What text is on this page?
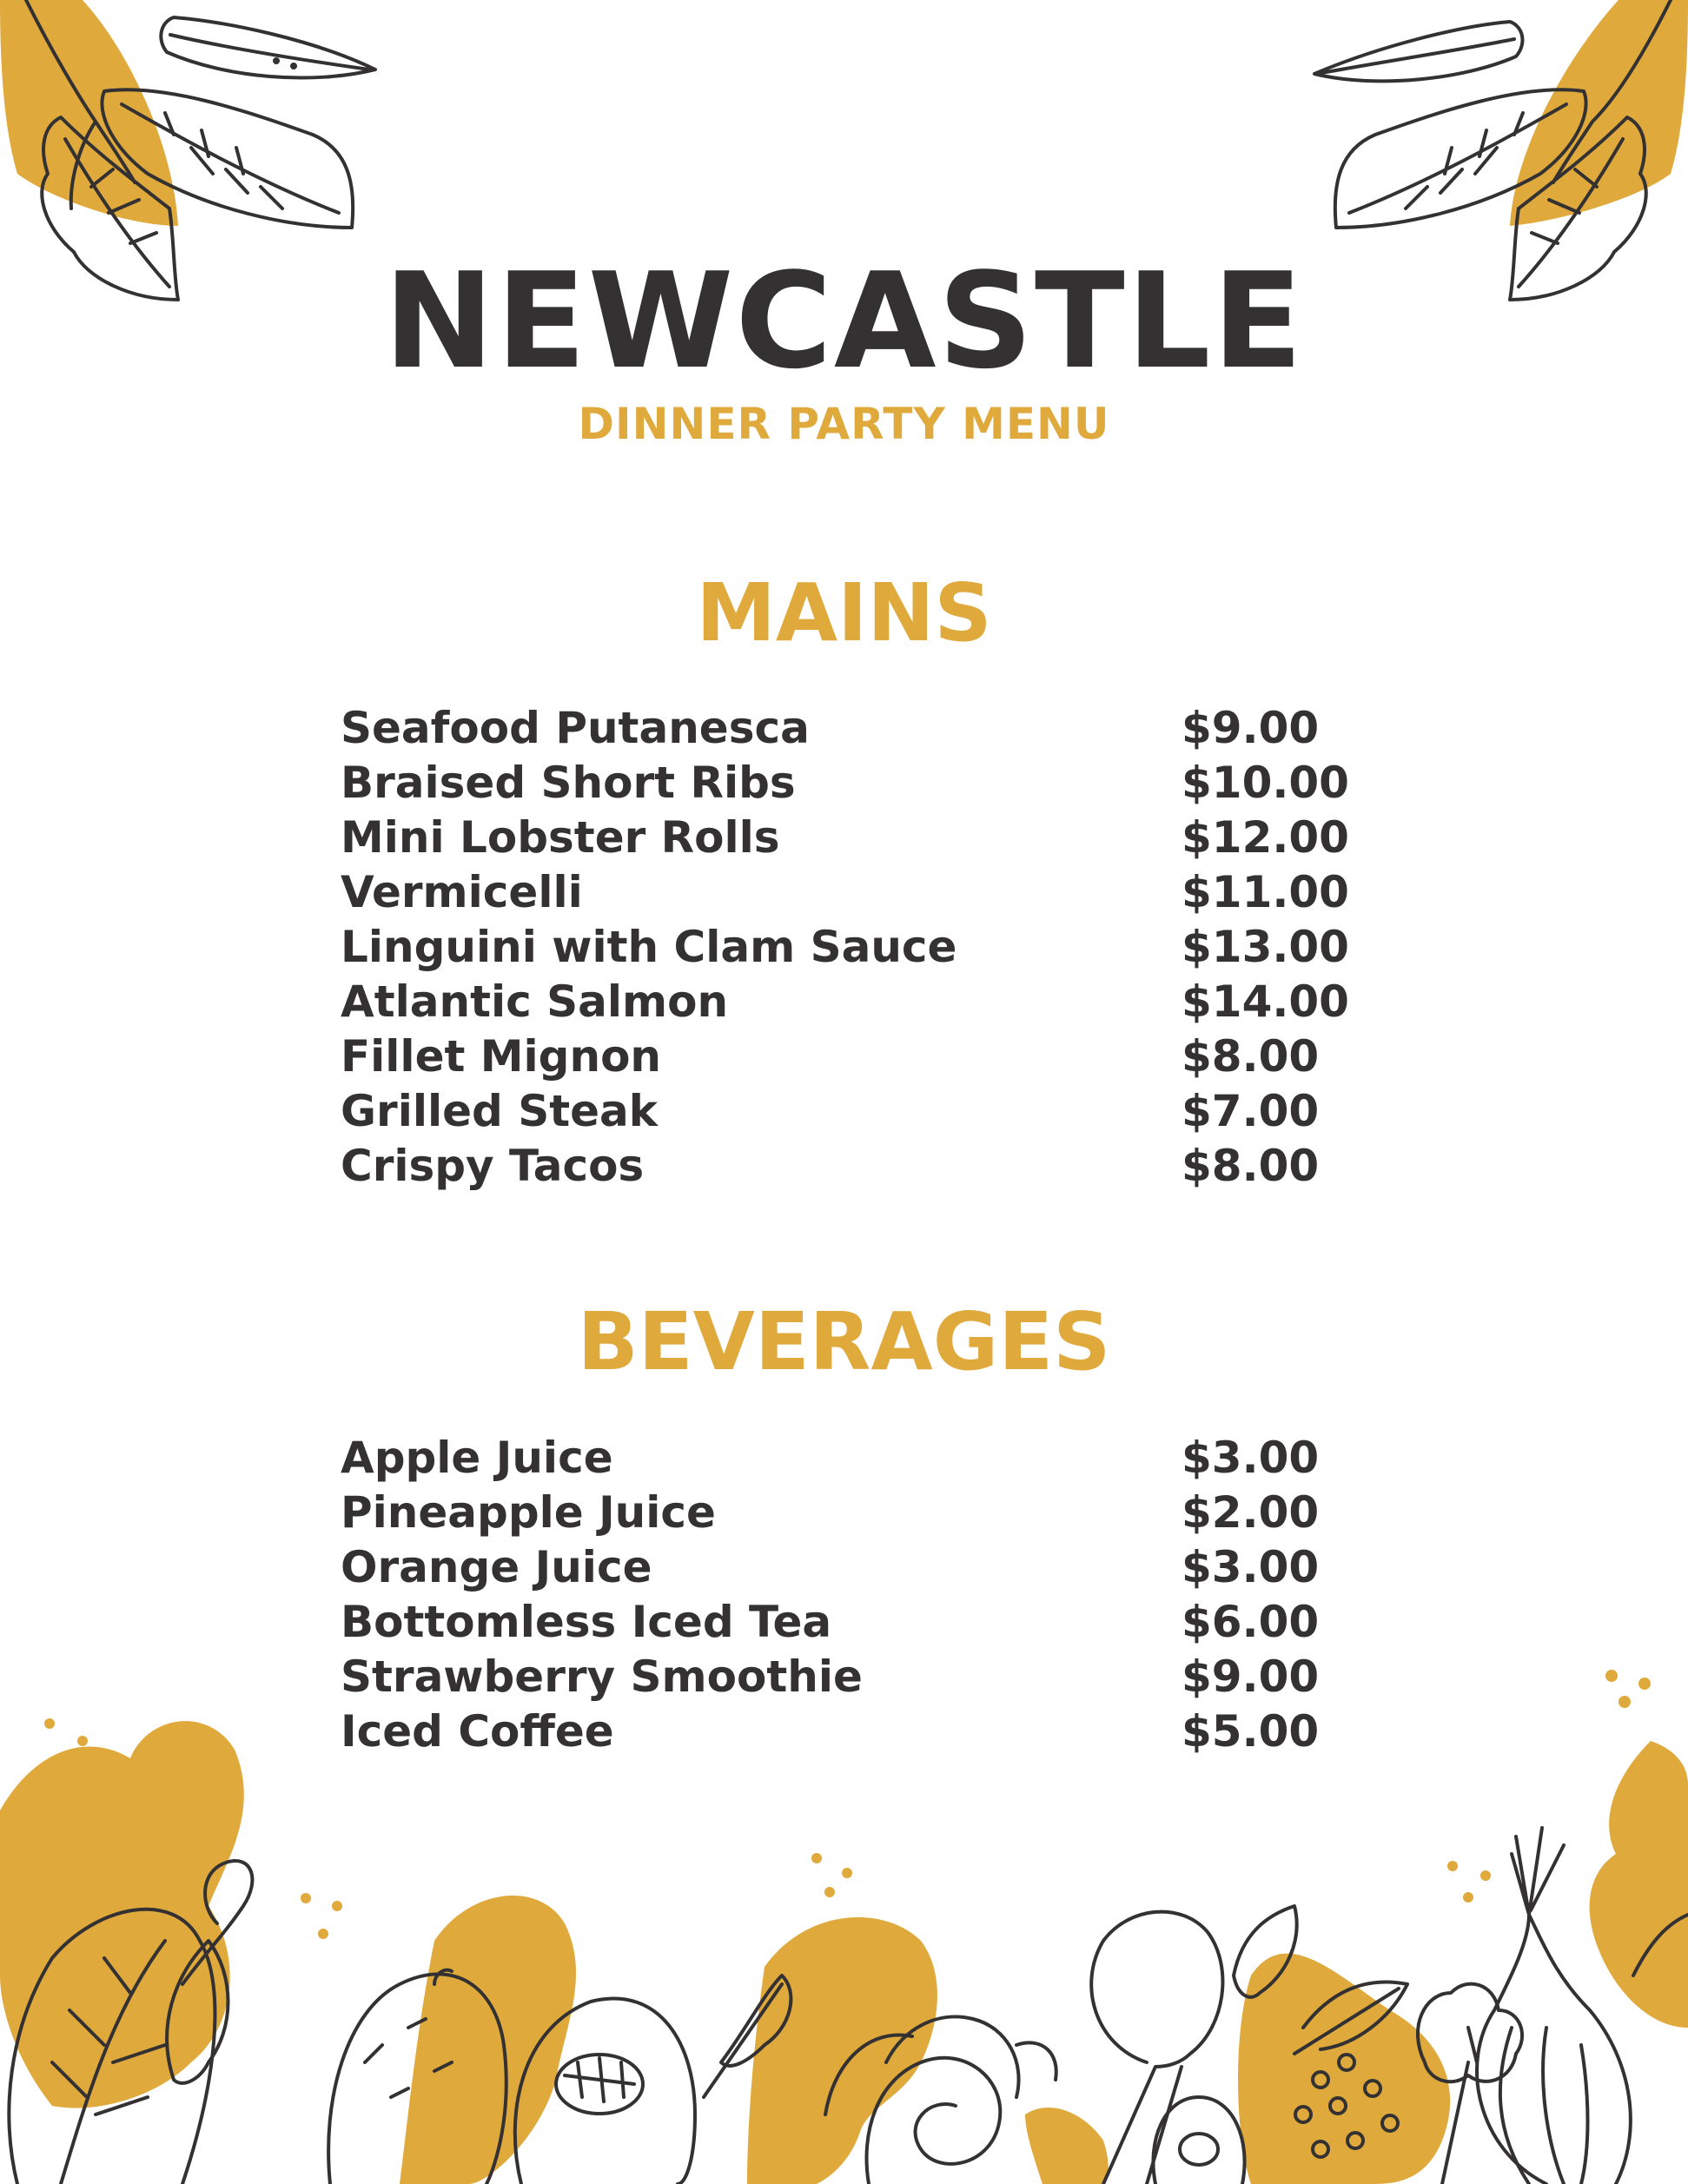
NEWCASTLE
DINNER PARTY MENU
MAINS
Seafood Putanesca	$9.00
Braised Short Ribs	$10.00
Mini Lobster Rolls	$12.00
Vermicelli	$11.00
Linguini with Clam Sauce	$13.00
Atlantic Salmon	$14.00
Fillet Mignon	$8.00
Grilled Steak	$7.00
Crispy Tacos	$8.00
BEVERAGES
Apple Juice	$3.00
Pineapple Juice	$2.00
Orange Juice	$3.00
Bottomless Iced Tea	$6.00
Strawberry Smoothie	$9.00
Iced Coffee	$5.00
